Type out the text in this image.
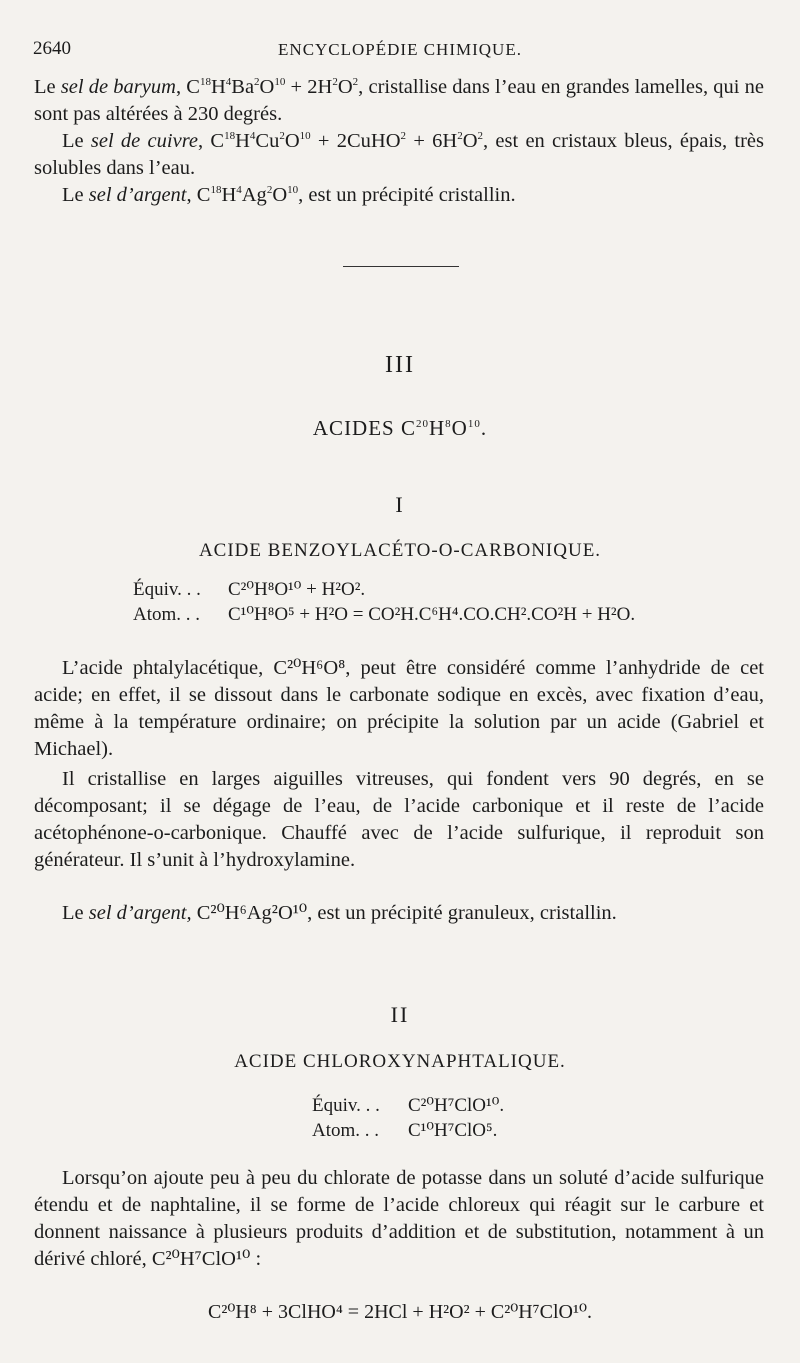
2640	ENCYCLOPÉDIE CHIMIQUE.

Le sel de baryum, $C^{18}H^4Ba^2O^{10} + 2H^2O^2$, cristallise dans l’eau en grandes lamelles, qui ne sont pas altérées à 230 degrés.

Le sel de cuivre, $C^{18}H^4Cu^2O^{10}$ + 2CuHO$^2$ + $6H^2O^2$, est en cristaux bleus, épais, très solubles dans l’eau.

Le sel d’argent, $C^{18}H^4Ag^2O^{10}$, est un précipité cristallin.

III
ACIDES $C^{20}H^8O^{10}$.
I
ACIDE BENZOYLACÉTO-O-CARBONIQUE.
Équiv. . . C²⁰H⁸O¹⁰ + H²O².
Atom. . . C¹⁰H⁸O⁵ + H²O = CO²H.C⁶H⁴.CO.CH².CO²H + H²O.

L’acide phtalylacétique, C²⁰H⁶O⁸, peut être considéré comme l’anhydride de cet acide; en effet, il se dissout dans le carbonate sodique en excès, avec fixation d’eau, même à la température ordinaire; on précipite la solution par un acide (Gabriel et Michael).

Il cristallise en larges aiguilles vitreuses, qui fondent vers 90 degrés, en se décomposant; il se dégage de l’eau, de l’acide carbonique et il reste de l’acide acétophénone-o-carbonique. Chauffé avec de l’acide sulfurique, il reproduit son générateur. Il s’unit à l’hydroxylamine.

Le sel d’argent, C²⁰H⁶Ag²O¹⁰, est un précipité granuleux, cristallin.

II
ACIDE CHLOROXYNAPHTALIQUE.
Équiv. . . C²⁰H⁷ClO¹⁰.
Atom. . . C¹⁰H⁷ClO⁵.

Lorsqu’on ajoute peu à peu du chlorate de potasse dans un soluté d’acide sulfurique étendu et de naphtaline, il se forme de l’acide chloreux qui réagit sur le carbure et donnent naissance à plusieurs produits d’addition et de substitution, notamment à un dérivé chloré, C²⁰H⁷ClO¹⁰ :

C²⁰H⁸ + 3ClHO⁴ = 2HCl + H²O² + C²⁰H⁷ClO¹⁰.
